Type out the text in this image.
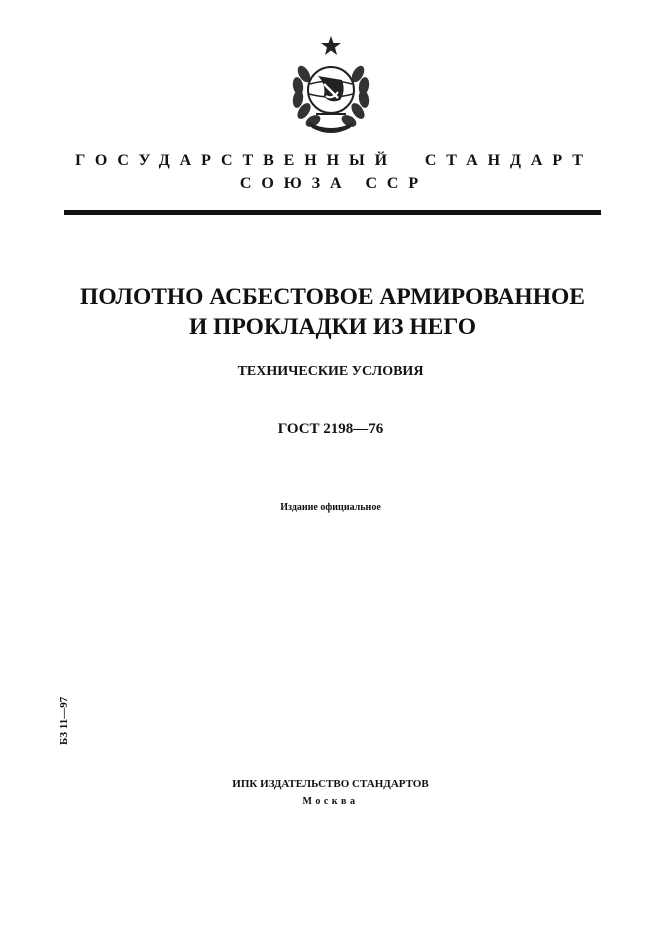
ГОСУДАРСТВЕННЫЙ  СТАНДАРТ
СОЮЗА ССР
ПОЛОТНО АСБЕСТОВОЕ АРМИРОВАННОЕ
И ПРОКЛАДКИ ИЗ НЕГО
ТЕХНИЧЕСКИЕ УСЛОВИЯ
ГОСТ 2198—76
Издание официальное
БЗ 11—97
ИПК ИЗДАТЕЛЬСТВО СТАНДАРТОВ
Москва
